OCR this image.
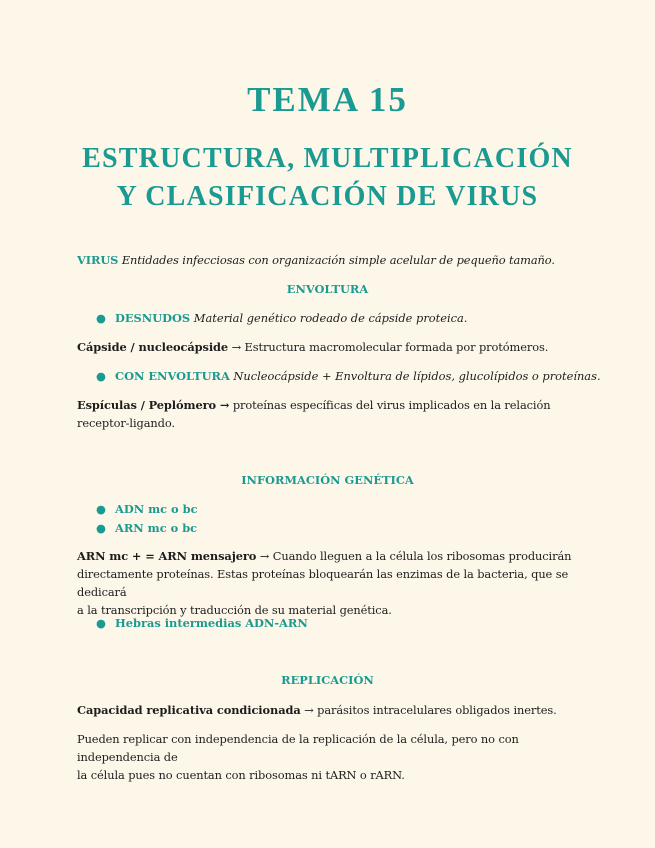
TEMA 15
ESTRUCTURA, MULTIPLICACIÓN
Y CLASIFICACIÓN DE VIRUS
VIRUS Entidades infecciosas con organización simple acelular de pequeño tamaño.
ENVOLTURA
● DESNUDOS Material genético rodeado de cápside proteica.
Cápside / nucleocápside → Estructura macromolecular formada por protómeros.
● CON ENVOLTURA Nucleocápside + Envoltura de lípidos, glucolípidos o proteínas.
Espículas / Peplómero → proteínas específicas del virus implicados en la relación
receptor-ligando.
INFORMACIÓN GENÉTICA
● ADN mc o bc
● ARN mc o bc
ARN mc + = ARN mensajero → Cuando lleguen a la célula los ribosomas producirán
directamente proteínas. Estas proteínas bloquearán las enzimas de la bacteria, que se dedicará
a la transcripción y traducción de su material genética.
● Hebras intermedias ADN-ARN
REPLICACIÓN
Capacidad replicativa condicionada → parásitos intracelulares obligados inertes.
Pueden replicar con independencia de la replicación de la célula, pero no con independencia de
la célula pues no cuentan con ribosomas ni tARN o rARN.
